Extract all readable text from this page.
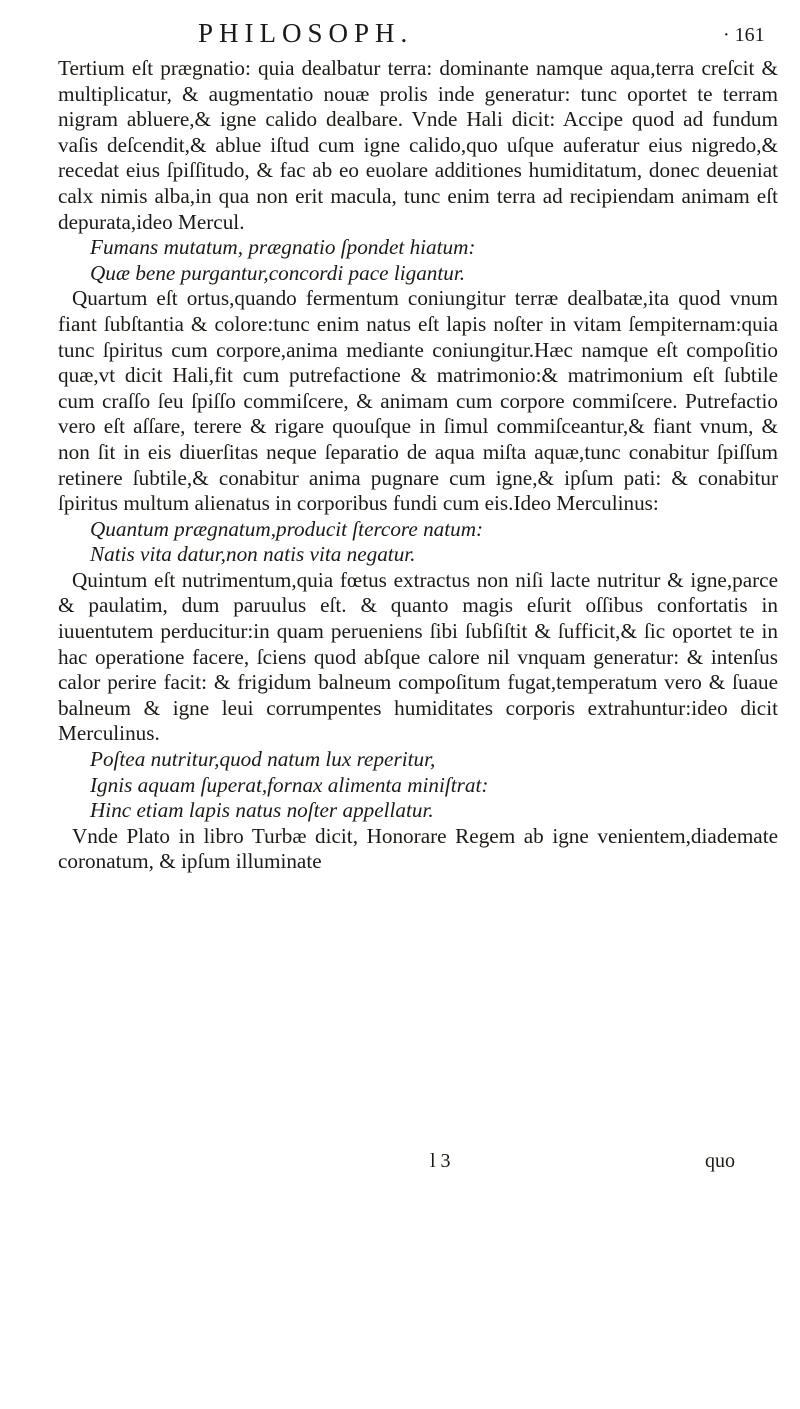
PHILOSOPH.	· 161

Tertium eſt prægnatio: quia dealbatur terra: dominante namque aqua,terra creſcit & multiplicatur, & augmentatio nouæ prolis inde generatur: tunc oportet te terram nigram abluere,& igne calido dealbare. Vnde Hali dicit: Accipe quod ad fundum vaſis deſcendit,& ablue iſtud cum igne calido,quo uſque auferatur eius nigredo,& recedat eius ſpiſſitudo, & fac ab eo euolare additiones humiditatum, donec deueniat calx nimis alba,in qua non erit macula, tunc enim terra ad recipiendam animam eſt depurata,ideo Mercul.

Fumans mutatum, prægnatio ſpondet hiatum:

Quæ bene purgantur,concordi pace ligantur.

Quartum eſt ortus,quando fermentum coniungitur terræ dealbatæ,ita quod vnum fiant ſubſtantia & colore:tunc enim natus eſt lapis noſter in vitam ſempiternam:quia tunc ſpiritus cum corpore,anima mediante coniungitur.Hæc namque eſt compoſitio quæ,vt dicit Hali,fit cum putrefactione & matrimonio:& matrimonium eſt ſubtile cum craſſo ſeu ſpiſſo commiſcere, & animam cum corpore commiſcere. Putrefactio vero eſt aſſare, terere & rigare quouſque in ſimul commiſceantur,& fiant vnum, & non ſit in eis diuerſitas neque ſeparatio de aqua miſta aquæ,tunc conabitur ſpiſſum retinere ſubtile,& conabitur anima pugnare cum igne,& ipſum pati: & conabitur ſpiritus multum alienatus in corporibus fundi cum eis.Ideo Merculinus:

Quantum prægnatum,producit ſtercore natum:

Natis vita datur,non natis vita negatur.

Quintum eſt nutrimentum,quia fœtus extractus non niſi lacte nutritur & igne,parce & paulatim, dum paruulus eſt. & quanto magis eſurit oſſibus confortatis in iuuentutem perducitur:in quam perueniens ſibi ſubſiſtit & ſufficit,& ſic oportet te in hac operatione facere, ſciens quod abſque calore nil vnquam generatur: & intenſus calor perire facit: & frigidum balneum compoſitum fugat,temperatum vero & ſuaue balneum & igne leui corrumpentes humiditates corporis extrahuntur:ideo dicit Merculinus.

Poſtea nutritur,quod natum lux reperitur,

Ignis aquam ſuperat,fornax alimenta miniſtrat:

Hinc etiam lapis natus noſter appellatur.

Vnde Plato in libro Turbæ dicit, Honorare Regem ab igne venientem,diademate coronatum, & ipſum illuminate

l 3	quo
